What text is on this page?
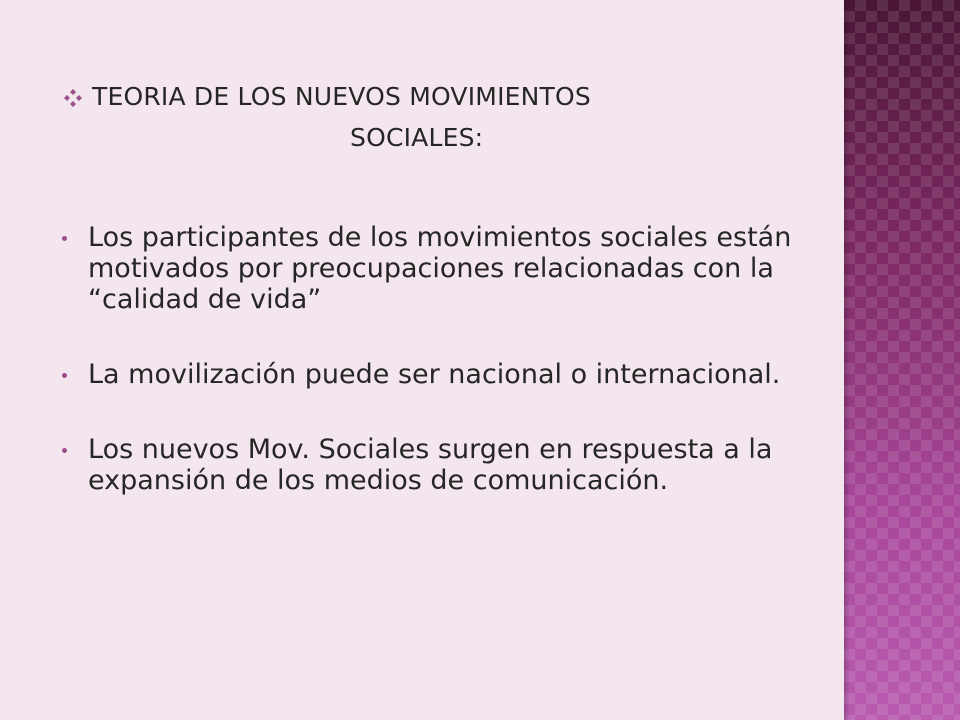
TEORIA DE LOS NUEVOS MOVIMIENTOS
SOCIALES:
Los participantes de los movimientos sociales están motivados por preocupaciones relacionadas con la “calidad de vida”
La movilización puede ser nacional o internacional.
Los nuevos Mov. Sociales surgen en respuesta a la expansión de los medios de comunicación.
